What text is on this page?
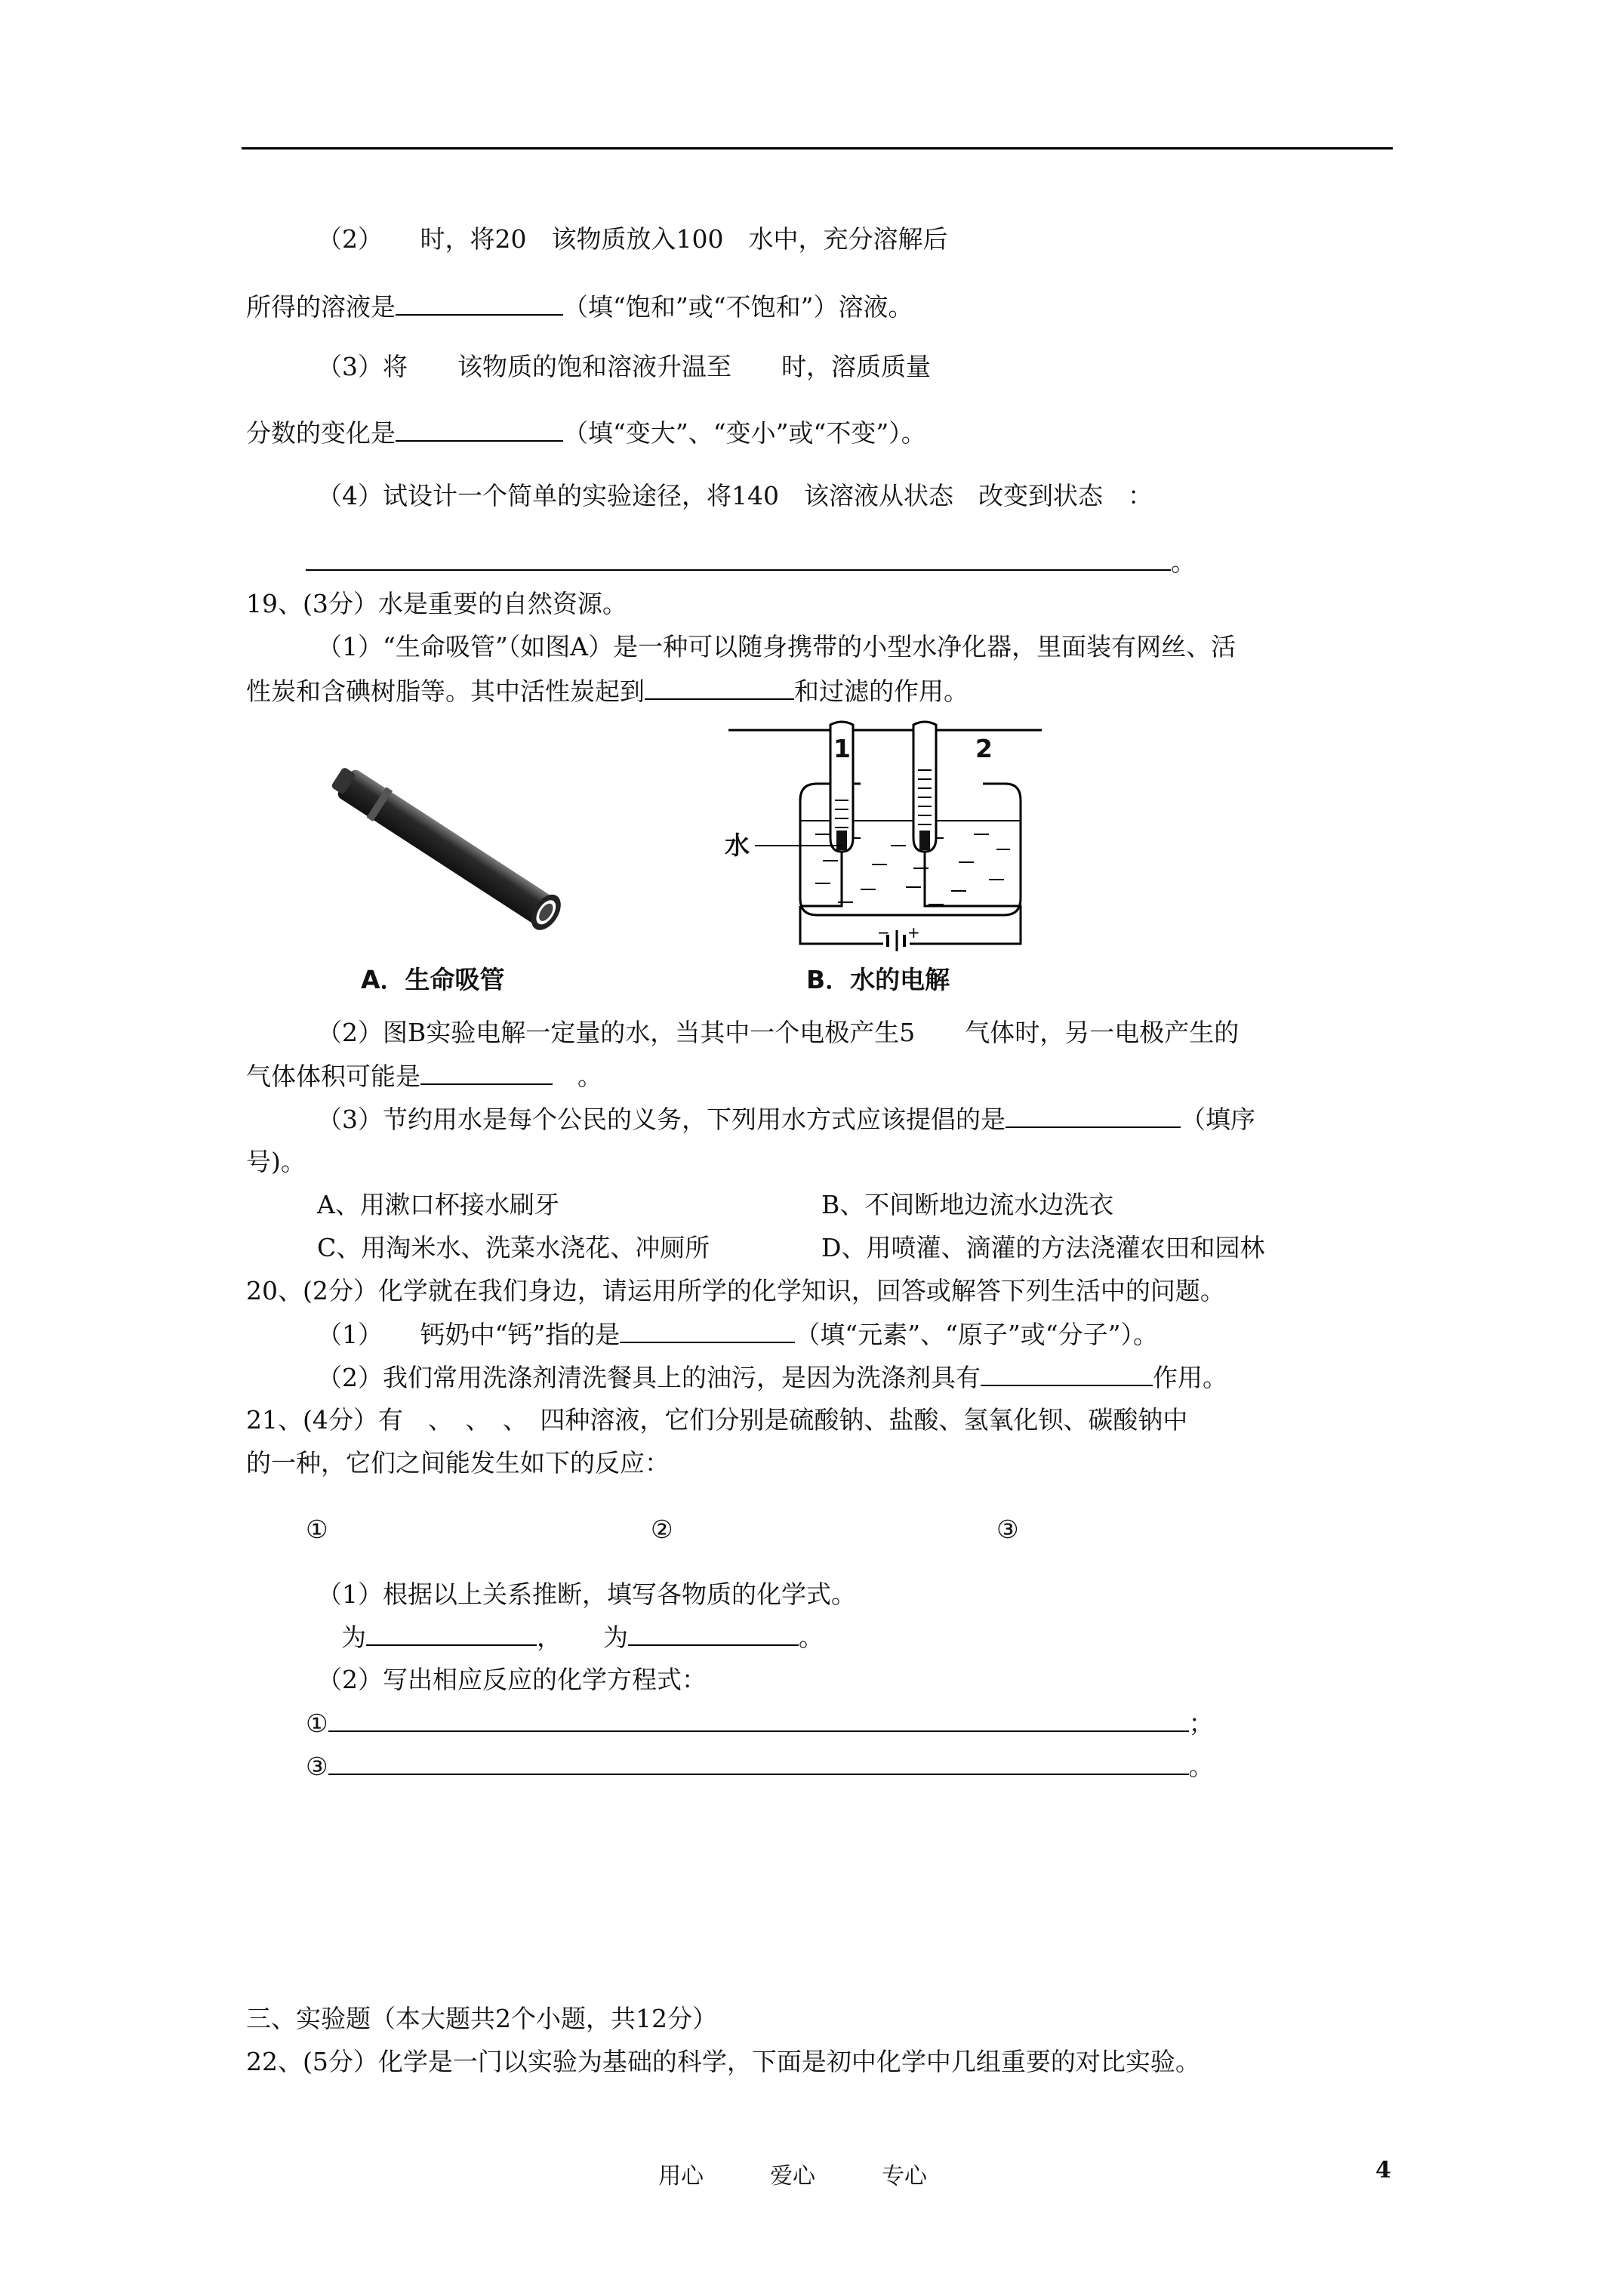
（2）　　时，将20　该物质放入100　水中，充分溶解后
所得的溶液是	（填“饱和”或“不饱和”）溶液。
（3）将　　该物质的饱和溶液升温至　　时，溶质质量
分数的变化是	（填“变大”、“变小”或“不变”）。
（4）试设计一个简单的实验途径，将140　该溶液从状态　改变到状态　：
。
19、(3分）水是重要的自然资源。
（1）“生命吸管”（如图A）是一种可以随身携带的小型水净化器，里面装有网丝、活
性炭和含碘树脂等。其中活性炭起到	和过滤的作用。
A．生命吸管
− +
1	2
水
B．水的电解
（2）图B实验电解一定量的水，当其中一个电极产生5　　气体时，另一电极产生的
气体体积可能是	　。
（3）节约用水是每个公民的义务，下列用水方式应该提倡的是	（填序
号)。
A、用漱口杯接水刷牙	B、不间断地边流水边洗衣
C、用淘米水、洗菜水浇花、冲厕所	D、用喷灌、滴灌的方法浇灌农田和园林
20、(2分）化学就在我们身边，请运用所学的化学知识，回答或解答下列生活中的问题。
（1）　　钙奶中“钙”指的是	（填“元素”、“原子”或“分子”）。
（2）我们常用洗涤剂清洗餐具上的油污，是因为洗涤剂具有	作用。
21、(4分）有　、　、　、　四种溶液，它们分别是硫酸钠、盐酸、氢氧化钡、碳酸钠中
的一种，它们之间能发生如下的反应：
①	②	③
（1）根据以上关系推断，填写各物质的化学式。
为	， 为	。
（2）写出相应反应的化学方程式：
①	；
③	。
三、实验题（本大题共2个小题，共12分）
22、(5分）化学是一门以实验为基础的科学，下面是初中化学中几组重要的对比实验。
用心	爱心	专心	4
